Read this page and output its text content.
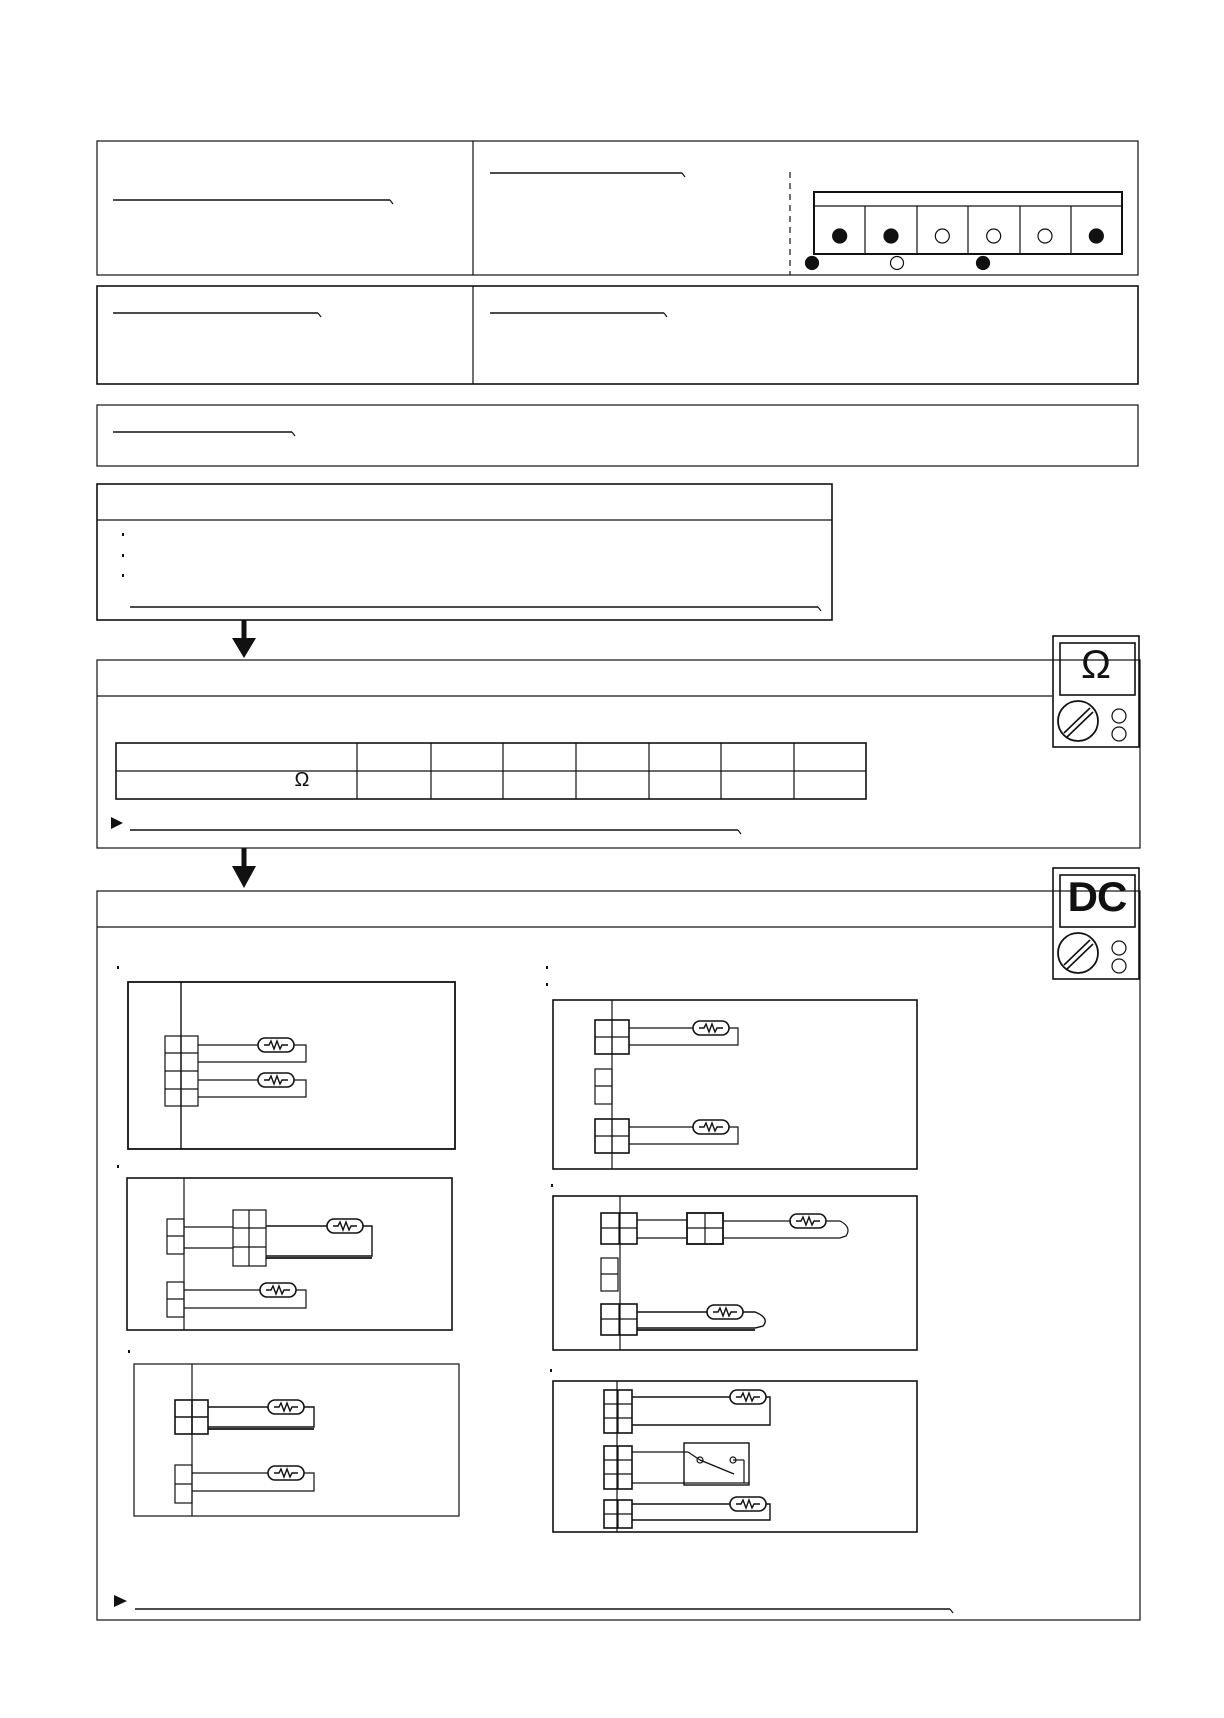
Ω
Ω
DC
